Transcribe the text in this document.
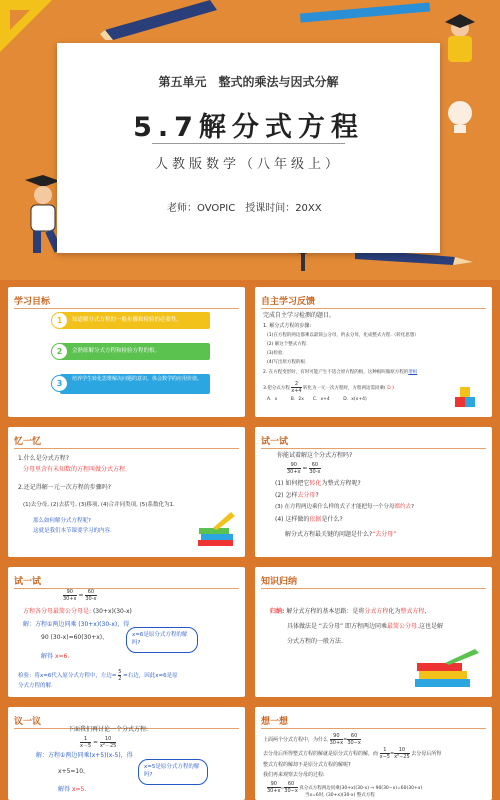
第五单元　整式的乘法与因式分解
5.7解分式方程
人教版数学（八年级上）
老师：OVOPIC　授课时间：20XX
学习目标
知道解分式方程的一般步骤和检验的必要性。
1
会熟练解分式方程和检验方程的根。
2
培养学生转化思维解决问题的意识，体会数学的应用价值。
3
自主学习反馈
完成自主学习检测的题目。
1. 解分式方程的步骤:
(1)在方程的两边都乘以最简公分母，约去分母，化成整式方程.（转化思想）
(2) 解这个整式方程.
(3)检验.
(4)写出原方程的根.
2. 在方程变形时，有时可能产生不适合原方程的根，这种根叫做原方程的增根
3.把分式方程 $\frac{2}{x+4}$ 转化为一元一次方程时，方程两边需同乘( D )
A．x　　　B．2x　　C．x+4　　　D．x(x+4)
忆一忆
1.什么是分式方程?
分母里含有未知数的方程叫做分式方程.
2.还记得解一元一次方程的步骤吗?
(1)去分母, (2)去括号, (3)移项, (4)合并同类项, (5)系数化为1.
那么如何解分式方程呢?
这就是我们本节课要学习的内容.
试一试
你能试着解这个分式方程吗?
$\frac{90}{30+x} = \frac{60}{30-x}$
(1) 如何把它转化为整式方程呢?
(2) 怎样去分母?
(3) 在方程两边乘什么样的式子才能把每一个分母都约去?
(4) 这样做的依据是什么?
解分式方程最关键的问题是什么?“去分母”
试一试
$\frac{90}{30+x} = \frac{60}{30-x}$
方程各分母最简公分母是: (30+x)(30-x)
解：方程①两边同乘 (30+x)(30-x)，得
90 (30-x)=60(30+x)，	x=6是原分式方程的解吗?
解得 x=6.
检验：将x=6代入原分式方程中，左边= $\frac{5}{2}$ =右边，因此x=6是原
分式方程的解.
知识归纳
归纳: 解分式方程的基本思路：是将分式方程化为整式方程,
具体做法是 “去分母” 即方程两边同乘最简公分母.这也是解
分式方程的一般方法.
议一议
下面我们再讨论一个分式方程:
$\frac{1}{x-5} = \frac{10}{\text{x²－25}}$
解：方程①两边同乘(x+5)(x-5)，得
x+5=10，
x=5是原分式方程的解吗?
解得 x=5.
想一想
上面两个分式方程中，为什么 $\frac{90}{30+x} = \frac{60}{30-x}$
去分母后所得整式方程的解就是原分式方程的解，而 $\frac{1}{x-5} = \frac{10}{\text{x²−25}}$ 去分母后所得
整式方程的解却不是原分式方程的解呢?
我们再来观察去分母的过程:
$\frac{90}{30+x} = \frac{60}{30-x}$ 真分式方程两边同乘(30+x)(30-x) → 90(30−x)=60(30+x)
当x=6时, (30+x)(30-x) 整式方程
